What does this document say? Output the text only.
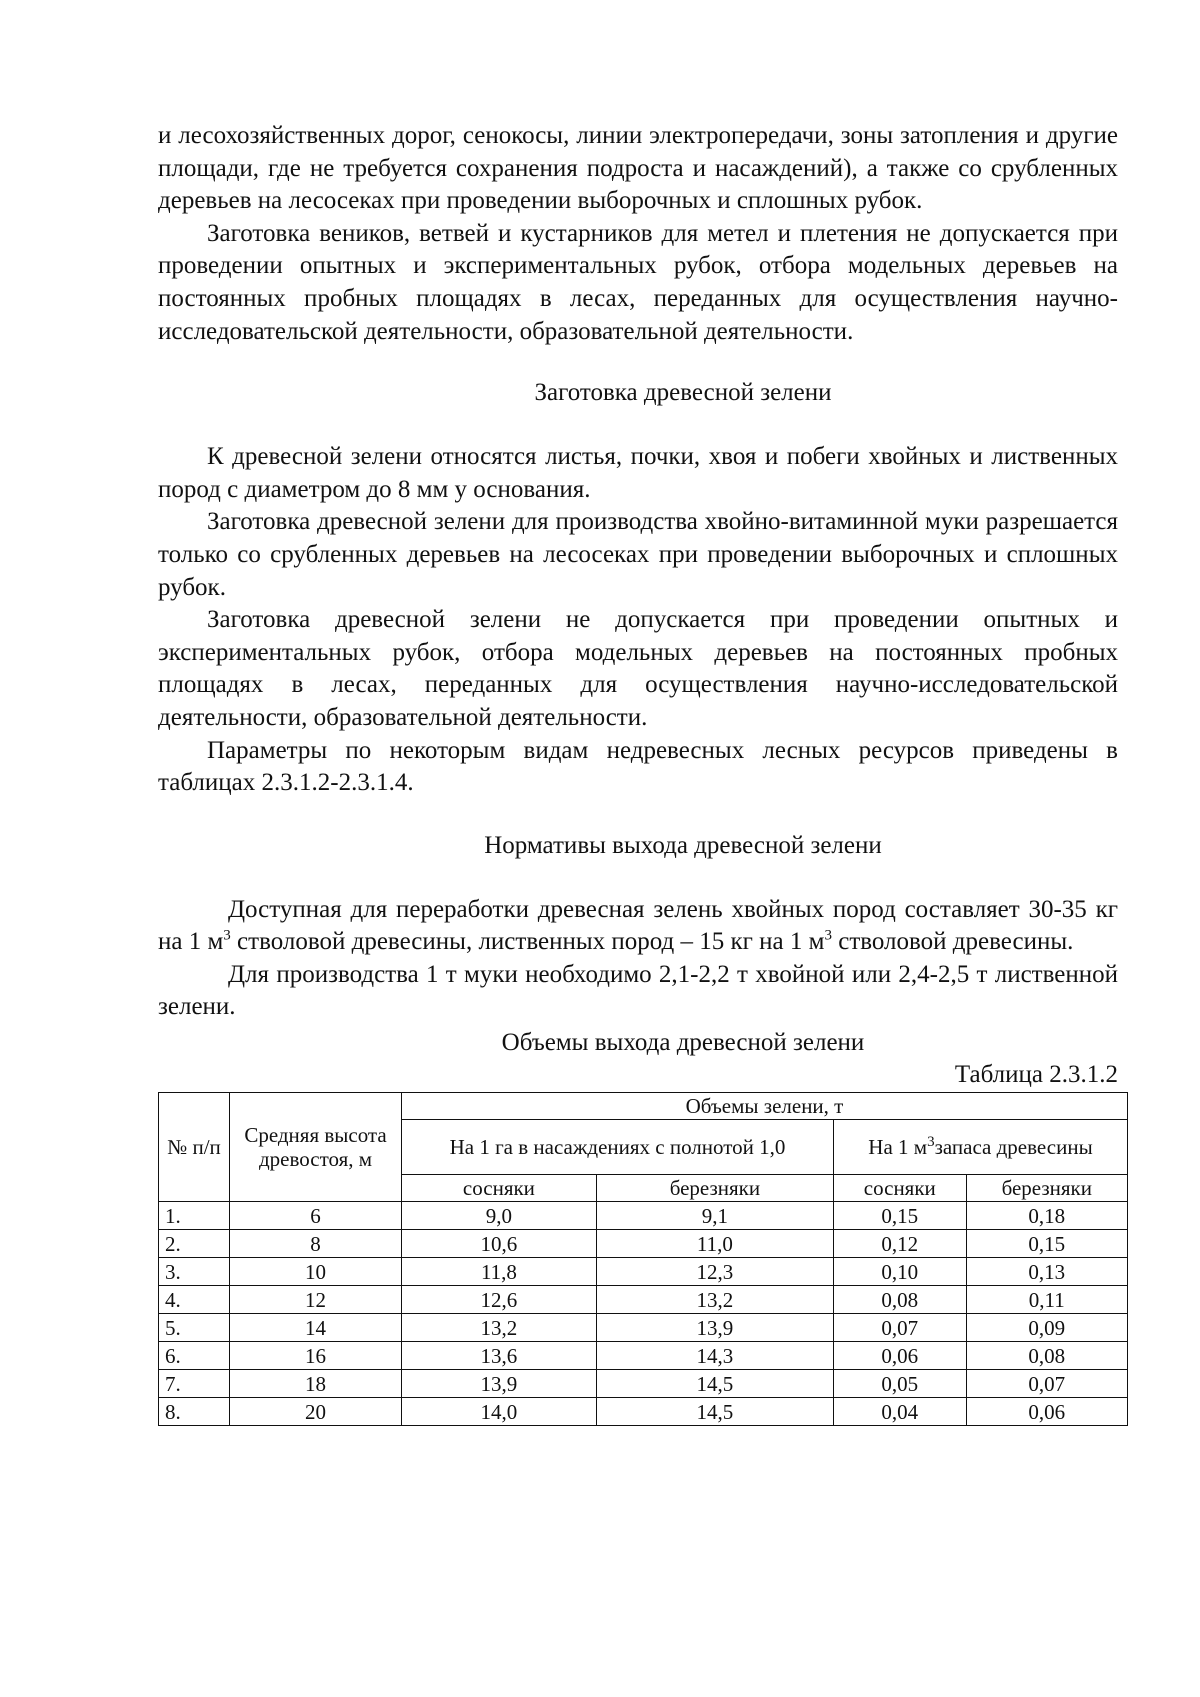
и лесохозяйственных дорог, сенокосы, линии электропередачи, зоны затопления и другие площади, где не требуется сохранения подроста и насаждений), а также со срубленных деревьев на лесосеках при проведении выборочных и сплошных рубок.

Заготовка веников, ветвей и кустарников для метел и плетения не допускается при проведении опытных и экспериментальных рубок, отбора модельных деревьев на постоянных пробных площадях в лесах, переданных для осуществления научно-исследовательской деятельности, образовательной деятельности.

Заготовка древесной зелени

К древесной зелени относятся листья, почки, хвоя и побеги хвойных и лиственных пород с диаметром до 8 мм у основания.

Заготовка древесной зелени для производства хвойно-витаминной муки разрешается только со срубленных деревьев на лесосеках при проведении выборочных и сплошных рубок.

Заготовка древесной зелени не допускается при проведении опытных и экспериментальных рубок, отбора модельных деревьев на постоянных пробных площадях в лесах, переданных для осуществления научно-исследовательской деятельности, образовательной деятельности.

Параметры по некоторым видам недревесных лесных ресурсов приведены в таблицах 2.3.1.2-2.3.1.4.

Нормативы выхода древесной зелени

Доступная для переработки древесная зелень хвойных пород составляет 30-35 кг на 1 $м^3$ стволовой древесины, лиственных пород – 15 кг на 1 $м^3$ стволовой древесины.

Для производства 1 т муки необходимо 2,1-2,2 т хвойной или 2,4-2,5 т лиственной зелени.

Объемы выхода древесной зелени
Таблица 2.3.1.2
№ п/п	Средняя высота древостоя, м	Объемы зелени, т			
		На 1 га в насаждениях с полнотой 1,0		На 1 $м^3запаса$ древесины	
		сосняки	березняки	сосняки	березняки
1.	6	9,0	9,1	0,15	0,18
2.	8	10,6	11,0	0,12	0,15
3.	10	11,8	12,3	0,10	0,13
4.	12	12,6	13,2	0,08	0,11
5.	14	13,2	13,9	0,07	0,09
6.	16	13,6	14,3	0,06	0,08
7.	18	13,9	14,5	0,05	0,07
8.	20	14,0	14,5	0,04	0,06
